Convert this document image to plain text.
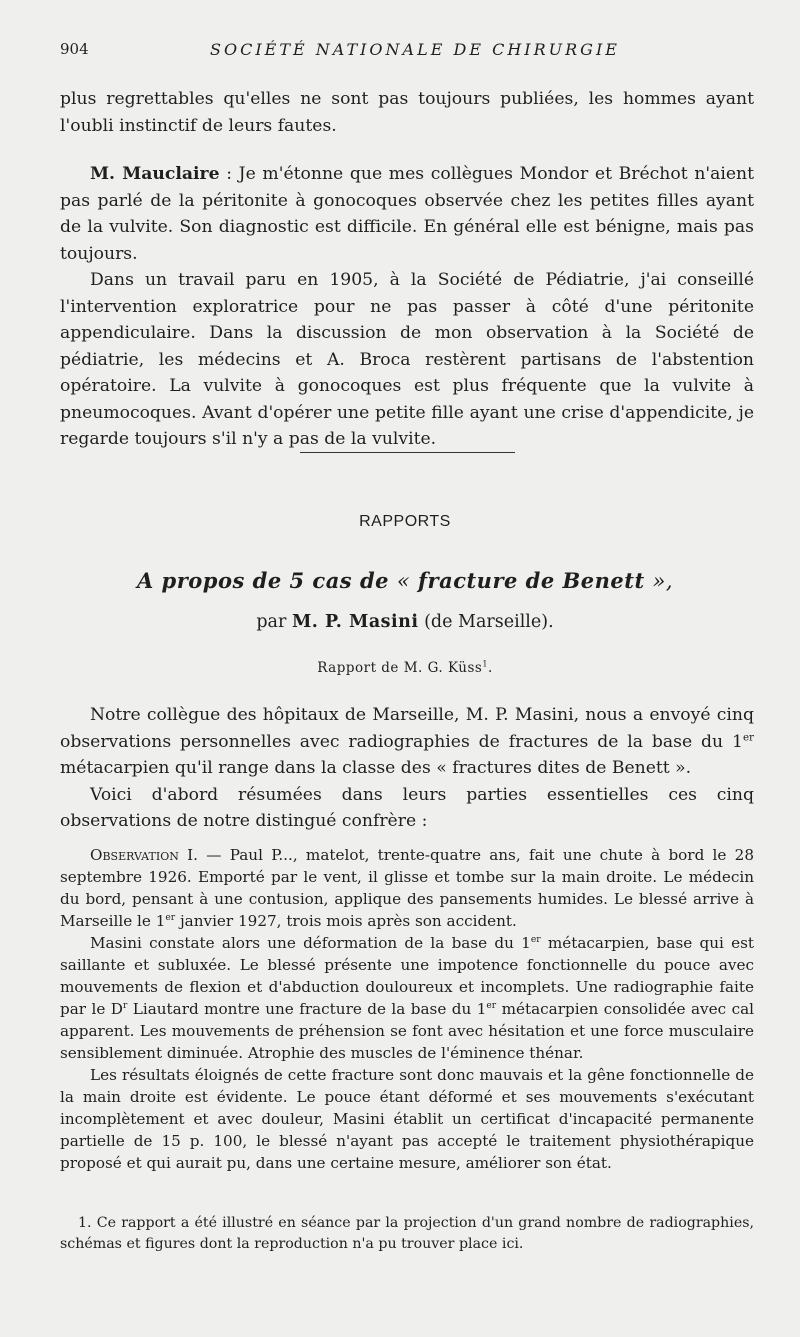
904	SOCIÉTÉ NATIONALE DE CHIRURGIE

plus regrettables qu'elles ne sont pas toujours publiées, les hommes ayant l'oubli instinctif de leurs fautes.

M. Mauclaire : Je m'étonne que mes collègues Mondor et Bréchot n'aient pas parlé de la péritonite à gonocoques observée chez les petites filles ayant de la vulvite. Son diagnostic est difficile. En général elle est bénigne, mais pas toujours.

Dans un travail paru en 1905, à la Société de Pédiatrie, j'ai conseillé l'intervention exploratrice pour ne pas passer à côté d'une péritonite appendiculaire. Dans la discussion de mon observation à la Société de pédiatrie, les médecins et A. Broca restèrent partisans de l'abstention opératoire. La vulvite à gonocoques est plus fréquente que la vulvite à pneumocoques. Avant d'opérer une petite fille ayant une crise d'appendicite, je regarde toujours s'il n'y a pas de la vulvite.

RAPPORTS
A propos de 5 cas de « fracture de Benett »,
par M. P. Masini (de Marseille).
Rapport de M. G. Küss$^1$.

Notre collègue des hôpitaux de Marseille, M. P. Masini, nous a envoyé cinq observations personnelles avec radiographies de fractures de la base du 1er métacarpien qu'il range dans la classe des « fractures dites de Benett ».

Voici d'abord résumées dans leurs parties essentielles ces cinq observations de notre distingué confrère :

Observation I. — Paul P..., matelot, trente-quatre ans, fait une chute à bord le 28 septembre 1926. Emporté par le vent, il glisse et tombe sur la main droite. Le médecin du bord, pensant à une contusion, applique des pansements humides. Le blessé arrive à Marseille le 1er janvier 1927, trois mois après son accident.

Masini constate alors une déformation de la base du 1er métacarpien, base qui est saillante et subluxée. Le blessé présente une impotence fonctionnelle du pouce avec mouvements de flexion et d'abduction douloureux et incomplets. Une radiographie faite par le $D^r$ Liautard montre une fracture de la base du 1er métacarpien consolidée avec cal apparent. Les mouvements de préhension se font avec hésitation et une force musculaire sensiblement diminuée. Atrophie des muscles de l'éminence thénar.

Les résultats éloignés de cette fracture sont donc mauvais et la gêne fonctionnelle de la main droite est évidente. Le pouce étant déformé et ses mouvements s'exécutant incomplètement et avec douleur, Masini établit un certificat d'incapacité permanente partielle de 15 p. 100, le blessé n'ayant pas accepté le traitement physiothérapique proposé et qui aurait pu, dans une certaine mesure, améliorer son état.

1. Ce rapport a été illustré en séance par la projection d'un grand nombre de radiographies, schémas et figures dont la reproduction n'a pu trouver place ici.
